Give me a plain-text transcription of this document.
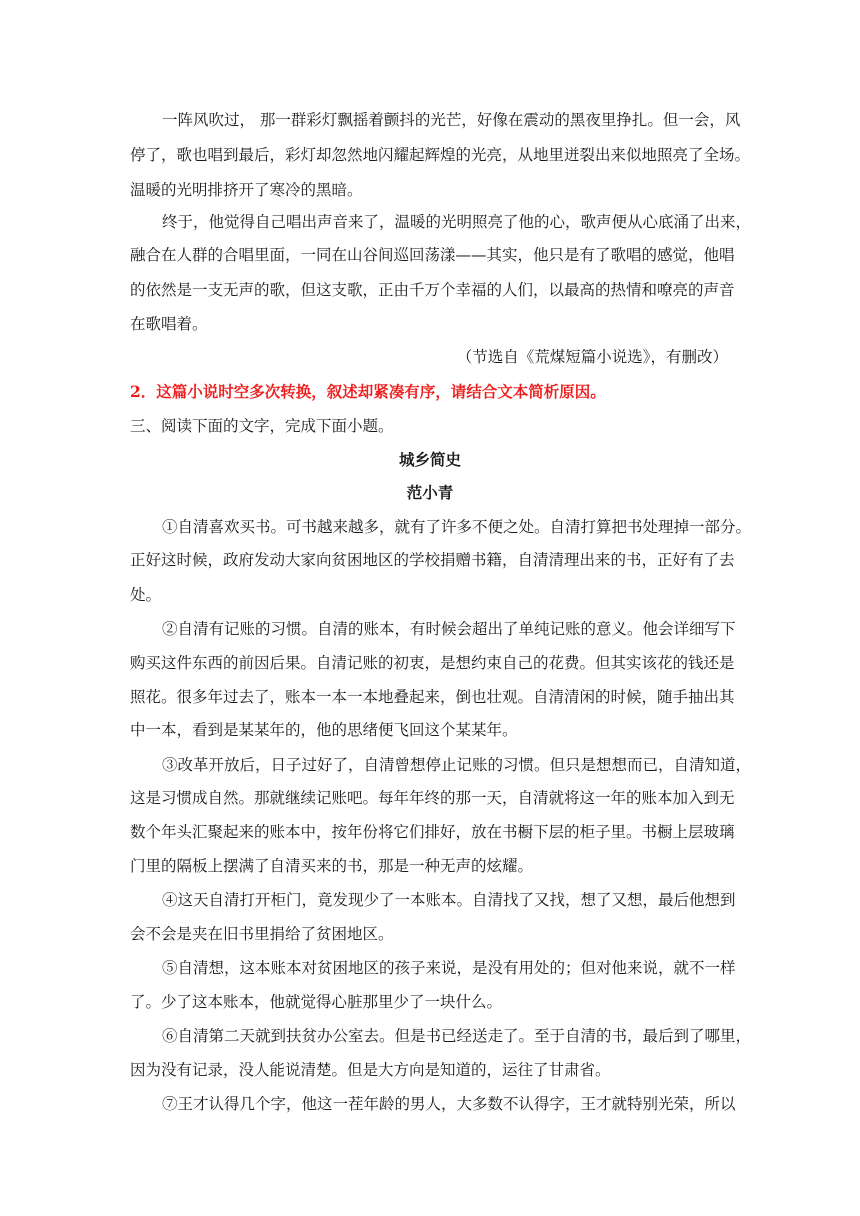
一阵风吹过， 那一群彩灯飘摇着颤抖的光芒，好像在震动的黑夜里挣扎。但一会，风
停了，歌也唱到最后，彩灯却忽然地闪耀起辉煌的光亮，从地里迸裂出来似地照亮了全场。
温暖的光明排挤开了寒冷的黑暗。
终于，他觉得自己唱出声音来了，温暖的光明照亮了他的心，歌声便从心底涌了出来，
融合在人群的合唱里面，一同在山谷间巡回荡漾——其实，他只是有了歌唱的感觉，他唱
的依然是一支无声的歌，但这支歌，正由千万个幸福的人们，以最高的热情和嘹亮的声音
在歌唱着。
（节选自《荒煤短篇小说选》，有删改）
2．这篇小说时空多次转换，叙述却紧凑有序，请结合文本简析原因。
三、阅读下面的文字，完成下面小题。
城乡简史
范小青
①自清喜欢买书。可书越来越多，就有了许多不便之处。自清打算把书处理掉一部分。
正好这时候，政府发动大家向贫困地区的学校捐赠书籍，自清清理出来的书，正好有了去
处。
②自清有记账的习惯。自清的账本，有时候会超出了单纯记账的意义。他会详细写下
购买这件东西的前因后果。自清记账的初衷，是想约束自己的花费。但其实该花的钱还是
照花。很多年过去了，账本一本一本地叠起来，倒也壮观。自清清闲的时候，随手抽出其
中一本，看到是某某年的，他的思绪便飞回这个某某年。
③改革开放后，日子过好了，自清曾想停止记账的习惯。但只是想想而已，自清知道，
这是习惯成自然。那就继续记账吧。每年年终的那一天，自清就将这一年的账本加入到无
数个年头汇聚起来的账本中，按年份将它们排好，放在书橱下层的柜子里。书橱上层玻璃
门里的隔板上摆满了自清买来的书，那是一种无声的炫耀。
④这天自清打开柜门，竟发现少了一本账本。自清找了又找，想了又想，最后他想到
会不会是夹在旧书里捐给了贫困地区。
⑤自清想，这本账本对贫困地区的孩子来说，是没有用处的；但对他来说，就不一样
了。少了这本账本，他就觉得心脏那里少了一块什么。
⑥自清第二天就到扶贫办公室去。但是书已经送走了。至于自清的书，最后到了哪里，
因为没有记录，没人能说清楚。但是大方向是知道的，运往了甘肃省。
⑦王才认得几个字，他这一茬年龄的男人，大多数不认得字，王才就特别光荣，所以
